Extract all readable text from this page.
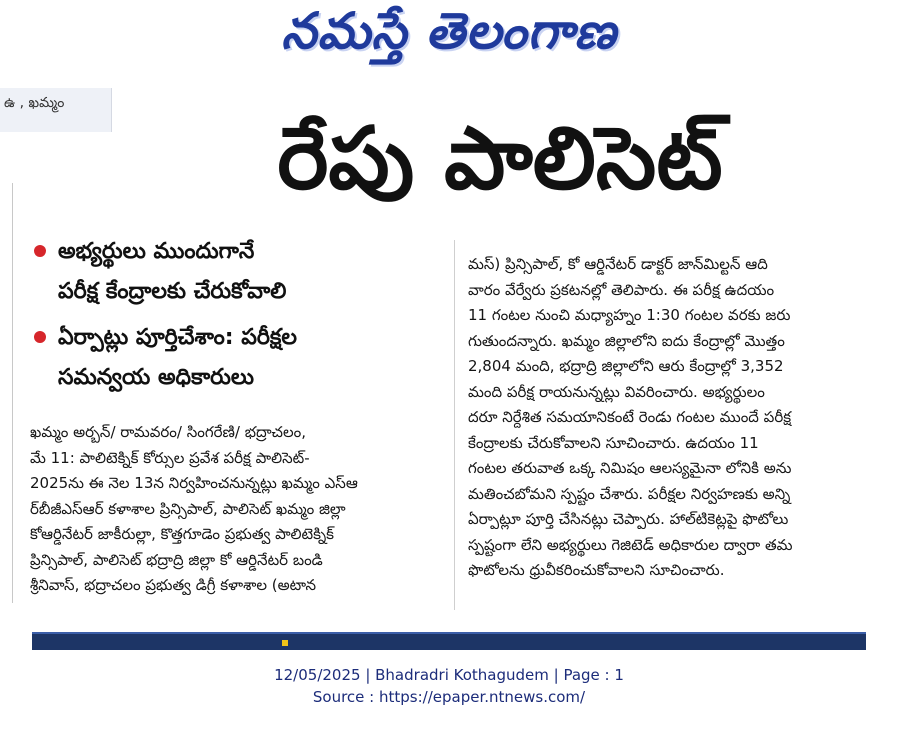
నమస్తే తెలంగాణ
ఉ , ఖమ్మం
రేపు పాలిసెట్
అభ్యర్థులు ముందుగానే
పరీక్ష కేంద్రాలకు చేరుకోవాలి
ఏర్పాట్లు పూర్తిచేశాం: పరీక్షల
సమన్వయ అధికారులు
ఖమ్మం అర్బన్/ రామవరం/ సింగరేణి/ భద్రాచలం,
మే 11: పాలిటెక్నిక్ కోర్సుల ప్రవేశ పరీక్ష పాలిసెట్-
2025ను ఈ నెల 13న నిర్వహించనున్నట్లు ఖమ్మం ఎస్ఆ
ర్‌బీజీఎస్ఆర్ కళాశాల ప్రిన్సిపాల్, పాలిసెట్ ఖమ్మం జిల్లా
కోఆర్డినేటర్ జాకీరుల్లా, కొత్తగూడెం ప్రభుత్వ పాలిటెక్నిక్
ప్రిన్సిపాల్, పాలిసెట్ భద్రాద్రి జిల్లా కో ఆర్డినేటర్ బండి
శ్రీనివాస్, భద్రాచలం ప్రభుత్వ డిగ్రీ కళాశాల (అటాన
మస్) ప్రిన్సిపాల్, కో ఆర్డినేటర్ డాక్టర్ జాన్‌మిల్టన్ ఆది
వారం వేర్వేరు ప్రకటనల్లో తెలిపారు. ఈ పరీక్ష ఉదయం
11 గంటల నుంచి మధ్యాహ్నం 1:30 గంటల వరకు జరు
గుతుందన్నారు. ఖమ్మం జిల్లాలోని ఐదు కేంద్రాల్లో మొత్తం
2,804 మంది, భద్రాద్రి జిల్లాలోని ఆరు కేంద్రాల్లో 3,352
మంది పరీక్ష రాయనున్నట్లు వివరించారు. అభ్యర్థులం
దరూ నిర్దేశిత సమయానికంటే రెండు గంటల ముందే పరీక్ష
కేంద్రాలకు చేరుకోవాలని సూచించారు. ఉదయం 11
గంటల తరువాత ఒక్క నిమిషం ఆలస్యమైనా లోనికి అను
మతించబోమని స్పష్టం చేశారు. పరీక్షల నిర్వహణకు అన్ని
ఏర్పాట్లూ పూర్తి చేసినట్లు చెప్పారు. హాల్‌టికెట్లపై ఫొటోలు
స్పష్టంగా లేని అభ్యర్థులు గెజిటెడ్ అధికారుల ద్వారా తమ
ఫొటోలను ధ్రువీకరించుకోవాలని సూచించారు.
12/05/2025 | Bhadradri Kothagudem | Page : 1
Source : https://epaper.ntnews.com/
